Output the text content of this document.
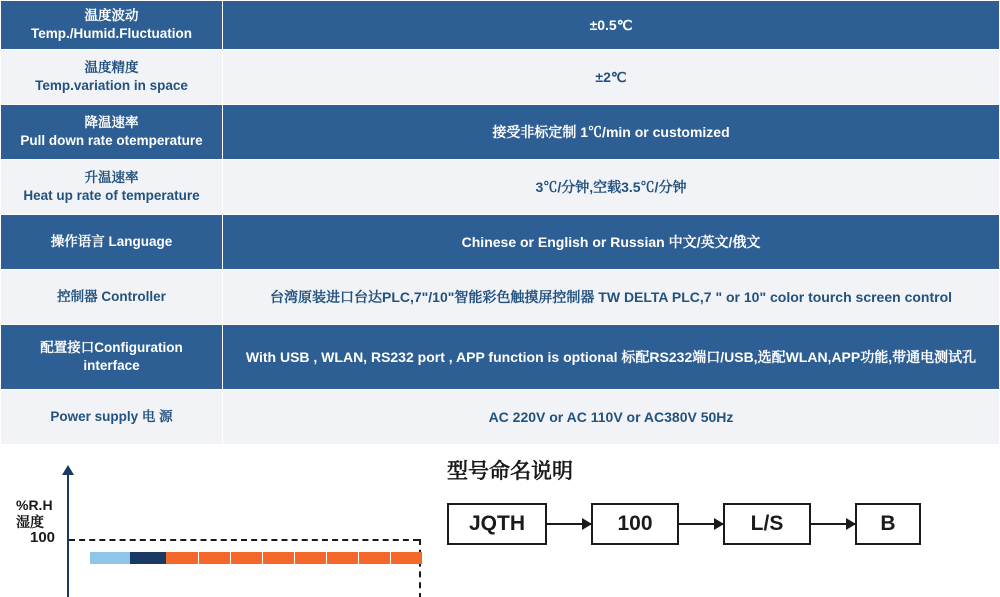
温度波动
Temp./Humid.Fluctuation	±0.5℃

温度精度
Temp.variation in space	±2℃

降温速率
Pull down rate otemperature	接受非标定制 1℃/min or customized

升温速率
Heat up rate of temperature	3℃/分钟,空载3.5℃/分钟

操作语言 Language	Chinese or English or Russian 中文/英文/俄文

控制器 Controller	台湾原装进口台达PLC,7"/10"智能彩色触摸屏控制器 TW DELTA PLC,7 " or 10" color tourch screen control

配置接口Configuration
interface	With USB , WLAN, RS232 port , APP function is optional 标配RS232端口/USB,选配WLAN,APP功能,带通电测试孔

Power supply 电 源	AC 220V or AC 110V or AC380V 50Hz
%R.H
湿度
100
型号命名说明
JQTH	100	L/S	B
